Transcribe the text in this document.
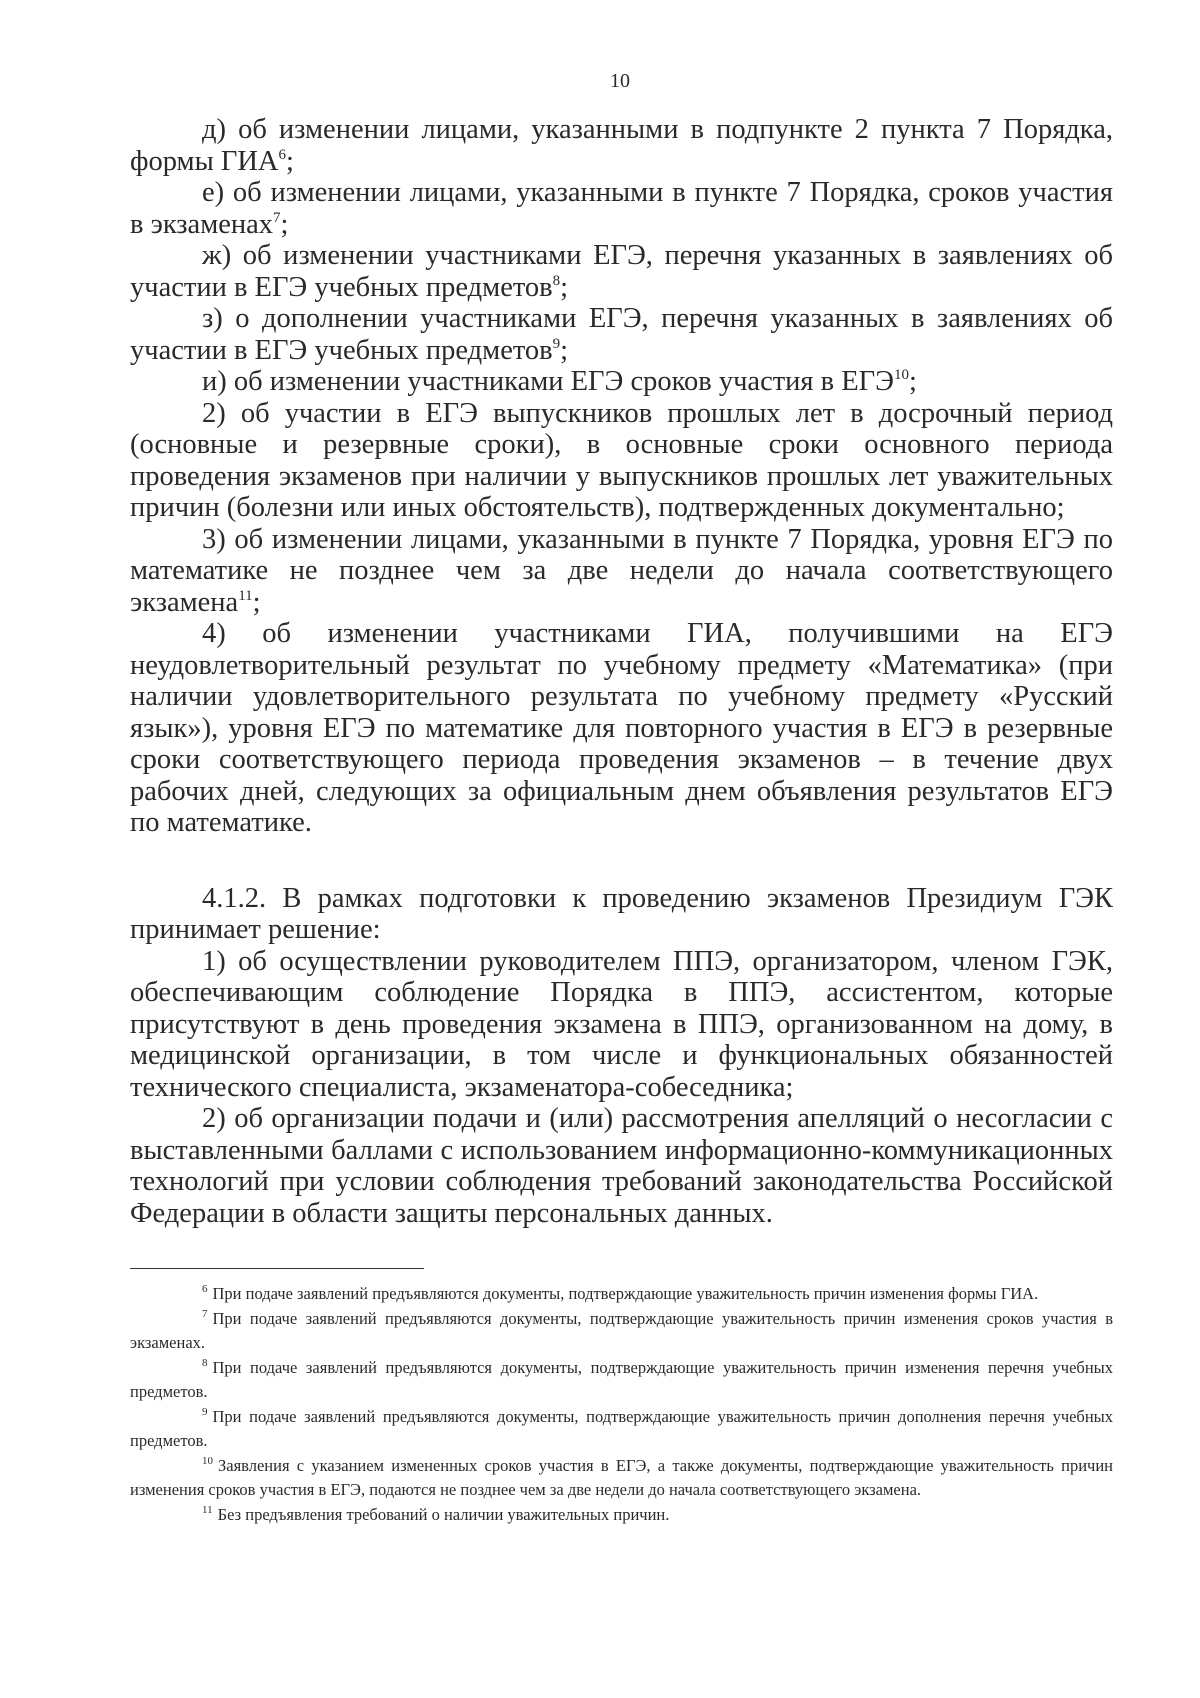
10

д) об изменении лицами, указанными в подпункте 2 пункта 7 Порядка, формы ГИА$^6$;

е) об изменении лицами, указанными в пункте 7 Порядка, сроков участия в экзаменах$^7$;

ж) об изменении участниками ЕГЭ, перечня указанных в заявлениях об участии в ЕГЭ учебных предметов$^8$;

з) о дополнении участниками ЕГЭ, перечня указанных в заявлениях об участии в ЕГЭ учебных предметов$^9$;

и) об изменении участниками ЕГЭ сроков участия в ЕГЭ$^{10}$;

2) об участии в ЕГЭ выпускников прошлых лет в досрочный период (основные и резервные сроки), в основные сроки основного периода проведения экзаменов при наличии у выпускников прошлых лет уважительных причин (болезни или иных обстоятельств), подтвержденных документально;

3) об изменении лицами, указанными в пункте 7 Порядка, уровня ЕГЭ по математике не позднее чем за две недели до начала соответствующего экзамена$^{11}$;

4) об изменении участниками ГИА, получившими на ЕГЭ неудовлетворительный результат по учебному предмету «Математика» (при наличии удовлетворительного результата по учебному предмету «Русский язык»), уровня ЕГЭ по математике для повторного участия в ЕГЭ в резервные сроки соответствующего периода проведения экзаменов – в течение двух рабочих дней, следующих за официальным днем объявления результатов ЕГЭ по математике.

4.1.2. В рамках подготовки к проведению экзаменов Президиум ГЭК принимает решение:

1) об осуществлении руководителем ППЭ, организатором, членом ГЭК, обеспечивающим соблюдение Порядка в ППЭ, ассистентом, которые присутствуют в день проведения экзамена в ППЭ, организованном на дому, в медицинской организации, в том числе и функциональных обязанностей технического специалиста, экзаменатора-собеседника;

2) об организации подачи и (или) рассмотрения апелляций о несогласии с выставленными баллами с использованием информационно-коммуникационных технологий при условии соблюдения требований законодательства Российской Федерации в области защиты персональных данных.

$^6$ При подаче заявлений предъявляются документы, подтверждающие уважительность причин изменения формы ГИА.

$^7$ При подаче заявлений предъявляются документы, подтверждающие уважительность причин изменения сроков участия в экзаменах.

$^8$ При подаче заявлений предъявляются документы, подтверждающие уважительность причин изменения перечня учебных предметов.

$^9$ При подаче заявлений предъявляются документы, подтверждающие уважительность причин дополнения перечня учебных предметов.

$^{10}$ Заявления с указанием измененных сроков участия в ЕГЭ, а также документы, подтверждающие уважительность причин изменения сроков участия в ЕГЭ, подаются не позднее чем за две недели до начала соответствующего экзамена.

$^{11}$ Без предъявления требований о наличии уважительных причин.
